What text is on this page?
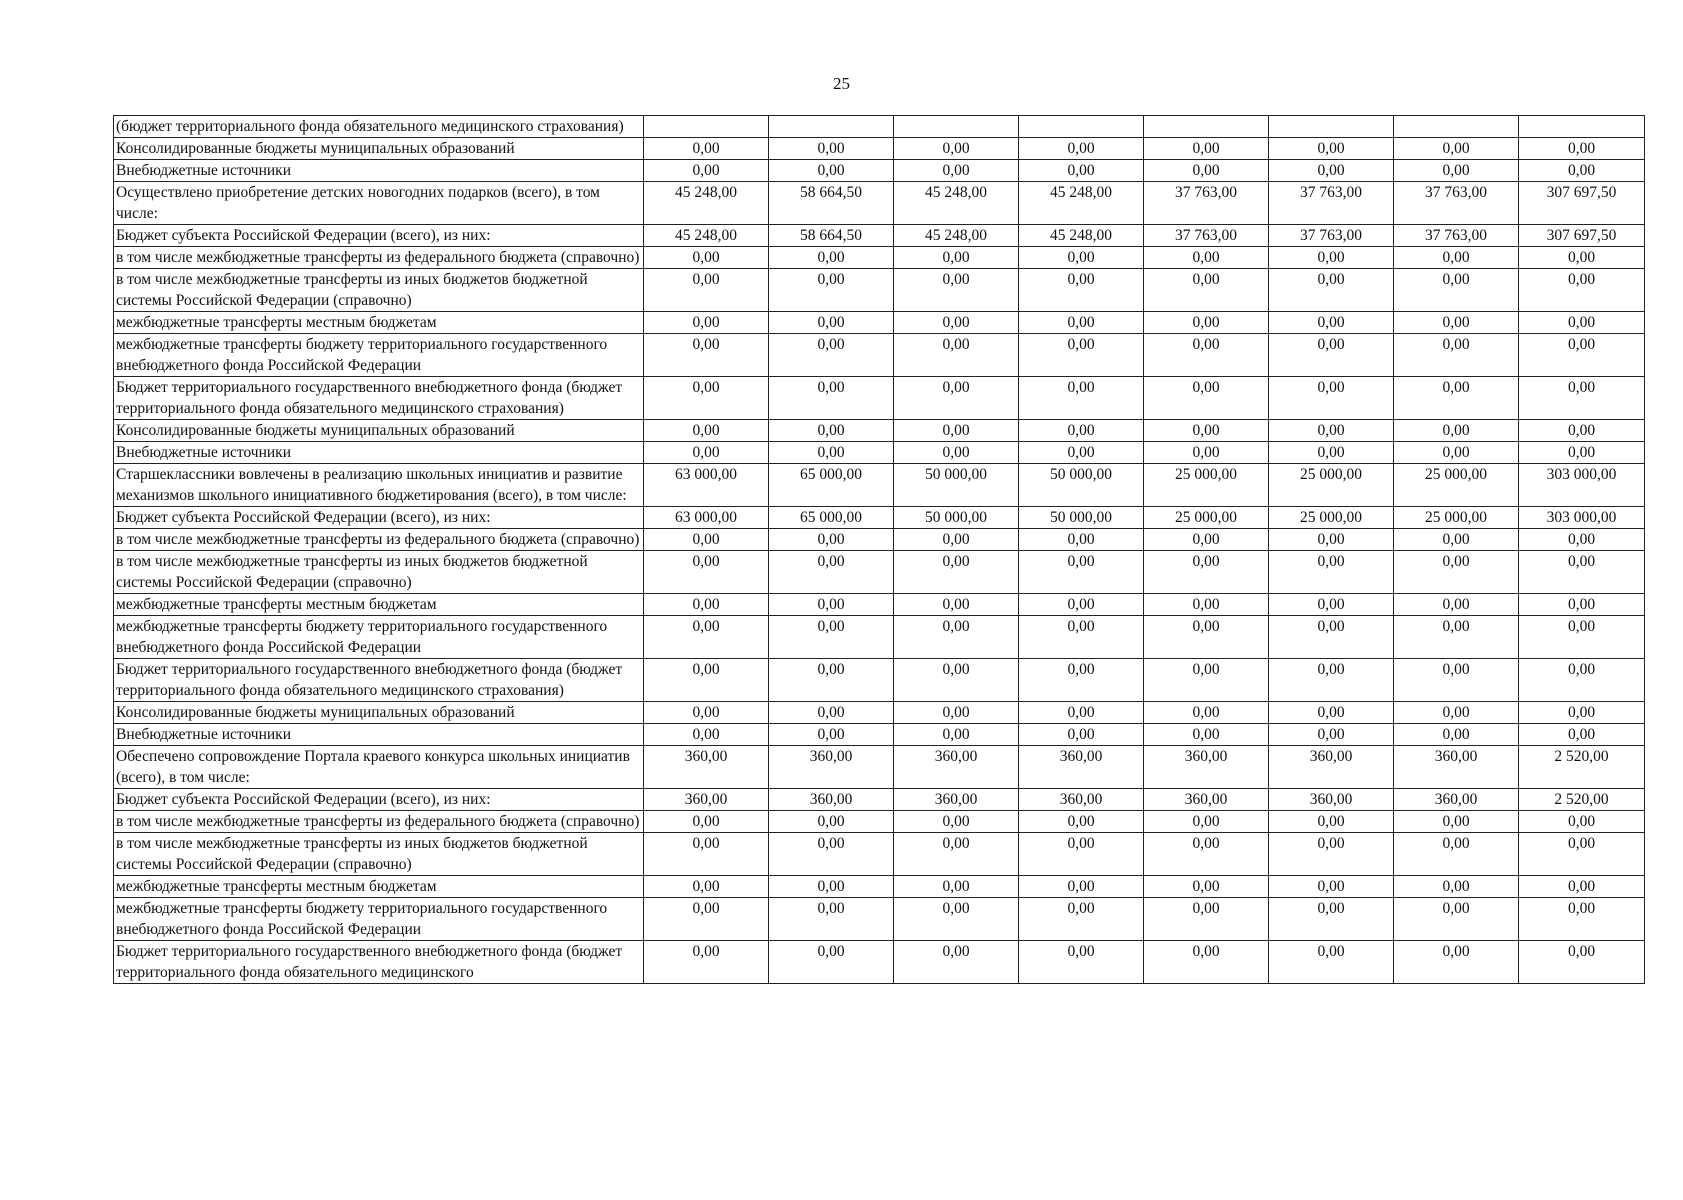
25
(бюджет территориального фонда обязательного медицинского страхования)								
Консолидированные бюджеты муниципальных образований	0,00	0,00	0,00	0,00	0,00	0,00	0,00	0,00
Внебюджетные источники	0,00	0,00	0,00	0,00	0,00	0,00	0,00	0,00
Осуществлено приобретение детских новогодних подарков (всего), в том числе:	45 248,00	58 664,50	45 248,00	45 248,00	37 763,00	37 763,00	37 763,00	307 697,50
Бюджет субъекта Российской Федерации (всего), из них:	45 248,00	58 664,50	45 248,00	45 248,00	37 763,00	37 763,00	37 763,00	307 697,50
в том числе межбюджетные трансферты из федерального бюджета (справочно)	0,00	0,00	0,00	0,00	0,00	0,00	0,00	0,00
в том числе межбюджетные трансферты из иных бюджетов бюджетной системы Российской Федерации (справочно)	0,00	0,00	0,00	0,00	0,00	0,00	0,00	0,00
межбюджетные трансферты местным бюджетам	0,00	0,00	0,00	0,00	0,00	0,00	0,00	0,00
межбюджетные трансферты бюджету территориального государственного внебюджетного фонда Российской Федерации	0,00	0,00	0,00	0,00	0,00	0,00	0,00	0,00
Бюджет территориального государственного внебюджетного фонда (бюджет территориального фонда обязательного медицинского страхования)	0,00	0,00	0,00	0,00	0,00	0,00	0,00	0,00
Консолидированные бюджеты муниципальных образований	0,00	0,00	0,00	0,00	0,00	0,00	0,00	0,00
Внебюджетные источники	0,00	0,00	0,00	0,00	0,00	0,00	0,00	0,00
Старшеклассники вовлечены в реализацию школьных инициатив и развитие механизмов школьного инициативного бюджетирования (всего), в том числе:	63 000,00	65 000,00	50 000,00	50 000,00	25 000,00	25 000,00	25 000,00	303 000,00
Бюджет субъекта Российской Федерации (всего), из них:	63 000,00	65 000,00	50 000,00	50 000,00	25 000,00	25 000,00	25 000,00	303 000,00
в том числе межбюджетные трансферты из федерального бюджета (справочно)	0,00	0,00	0,00	0,00	0,00	0,00	0,00	0,00
в том числе межбюджетные трансферты из иных бюджетов бюджетной системы Российской Федерации (справочно)	0,00	0,00	0,00	0,00	0,00	0,00	0,00	0,00
межбюджетные трансферты местным бюджетам	0,00	0,00	0,00	0,00	0,00	0,00	0,00	0,00
межбюджетные трансферты бюджету территориального государственного внебюджетного фонда Российской Федерации	0,00	0,00	0,00	0,00	0,00	0,00	0,00	0,00
Бюджет территориального государственного внебюджетного фонда (бюджет территориального фонда обязательного медицинского страхования)	0,00	0,00	0,00	0,00	0,00	0,00	0,00	0,00
Консолидированные бюджеты муниципальных образований	0,00	0,00	0,00	0,00	0,00	0,00	0,00	0,00
Внебюджетные источники	0,00	0,00	0,00	0,00	0,00	0,00	0,00	0,00
Обеспечено сопровождение Портала краевого конкурса школьных инициатив (всего), в том числе:	360,00	360,00	360,00	360,00	360,00	360,00	360,00	2 520,00
Бюджет субъекта Российской Федерации (всего), из них:	360,00	360,00	360,00	360,00	360,00	360,00	360,00	2 520,00
в том числе межбюджетные трансферты из федерального бюджета (справочно)	0,00	0,00	0,00	0,00	0,00	0,00	0,00	0,00
в том числе межбюджетные трансферты из иных бюджетов бюджетной системы Российской Федерации (справочно)	0,00	0,00	0,00	0,00	0,00	0,00	0,00	0,00
межбюджетные трансферты местным бюджетам	0,00	0,00	0,00	0,00	0,00	0,00	0,00	0,00
межбюджетные трансферты бюджету территориального государственного внебюджетного фонда Российской Федерации	0,00	0,00	0,00	0,00	0,00	0,00	0,00	0,00
Бюджет территориального государственного внебюджетного фонда (бюджет территориального фонда обязательного медицинского	0,00	0,00	0,00	0,00	0,00	0,00	0,00	0,00
